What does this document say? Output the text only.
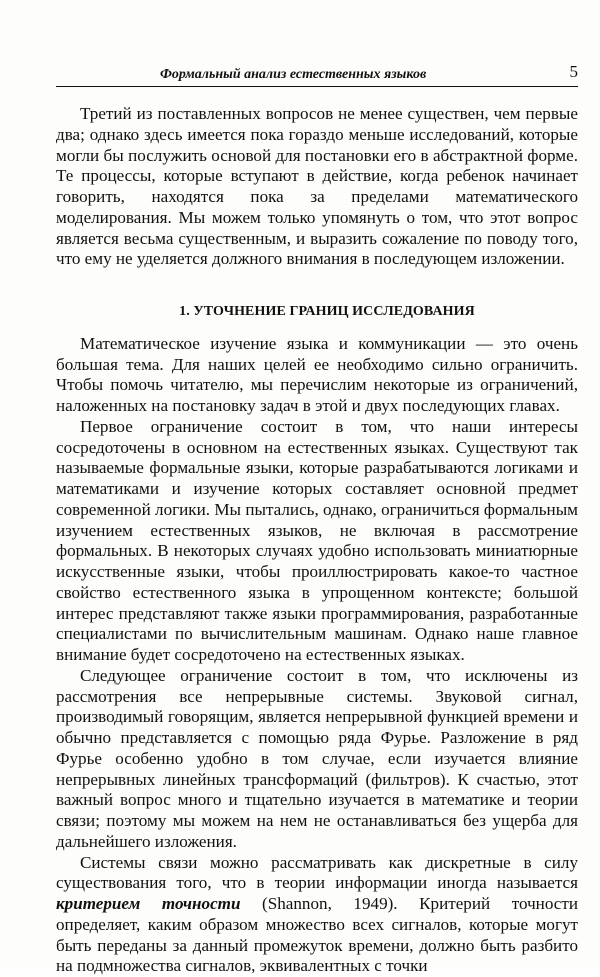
Формальный анализ естественных языков	5

Третий из поставленных вопросов не менее существен, чем первые два; однако здесь имеется пока гораздо меньше исследований, которые могли бы послужить основой для постановки его в абстрактной форме. Те процессы, которые вступают в действие, когда ребенок начинает говорить, находятся пока за пределами математического моделирования. Мы можем только упомянуть о том, что этот вопрос является весьма существенным, и выразить сожаление по поводу того, что ему не уделяется должного внимания в последующем изложении.

1. УТОЧНЕНИЕ ГРАНИЦ ИССЛЕДОВАНИЯ

Математическое изучение языка и коммуникации — это очень большая тема. Для наших целей ее необходимо сильно ограничить. Чтобы помочь читателю, мы перечислим некоторые из ограничений, наложенных на постановку задач в этой и двух последующих главах.

Первое ограничение состоит в том, что наши интересы сосредоточены в основном на естественных языках. Существуют так называемые формальные языки, которые разрабатываются логиками и математиками и изучение которых составляет основной предмет современной логики. Мы пытались, однако, ограничиться формальным изучением естественных языков, не включая в рассмотрение формальных. В некоторых случаях удобно использовать миниатюрные искусственные языки, чтобы проиллюстрировать какое-то частное свойство естественного языка в упрощенном контексте; большой интерес представляют также языки программирования, разработанные специалистами по вычислительным машинам. Однако наше главное внимание будет сосредоточено на естественных языках.

Следующее ограничение состоит в том, что исключены из рассмотрения все непрерывные системы. Звуковой сигнал, производимый говорящим, является непрерывной функцией времени и обычно представляется с помощью ряда Фурье. Разложение в ряд Фурье особенно удобно в том случае, если изучается влияние непрерывных линейных трансформаций (фильтров). К счастью, этот важный вопрос много и тщательно изучается в математике и теории связи; поэтому мы можем на нем не останавливаться без ущерба для дальнейшего изложения.

Системы связи можно рассматривать как дискретные в силу существования того, что в теории информации иногда называется критерием точности (Shannon, 1949). Критерий точности определяет, каким образом множество всех сигналов, которые могут быть переданы за данный промежуток времени, должно быть разбито на подмножества сигналов, эквивалентных с точки
